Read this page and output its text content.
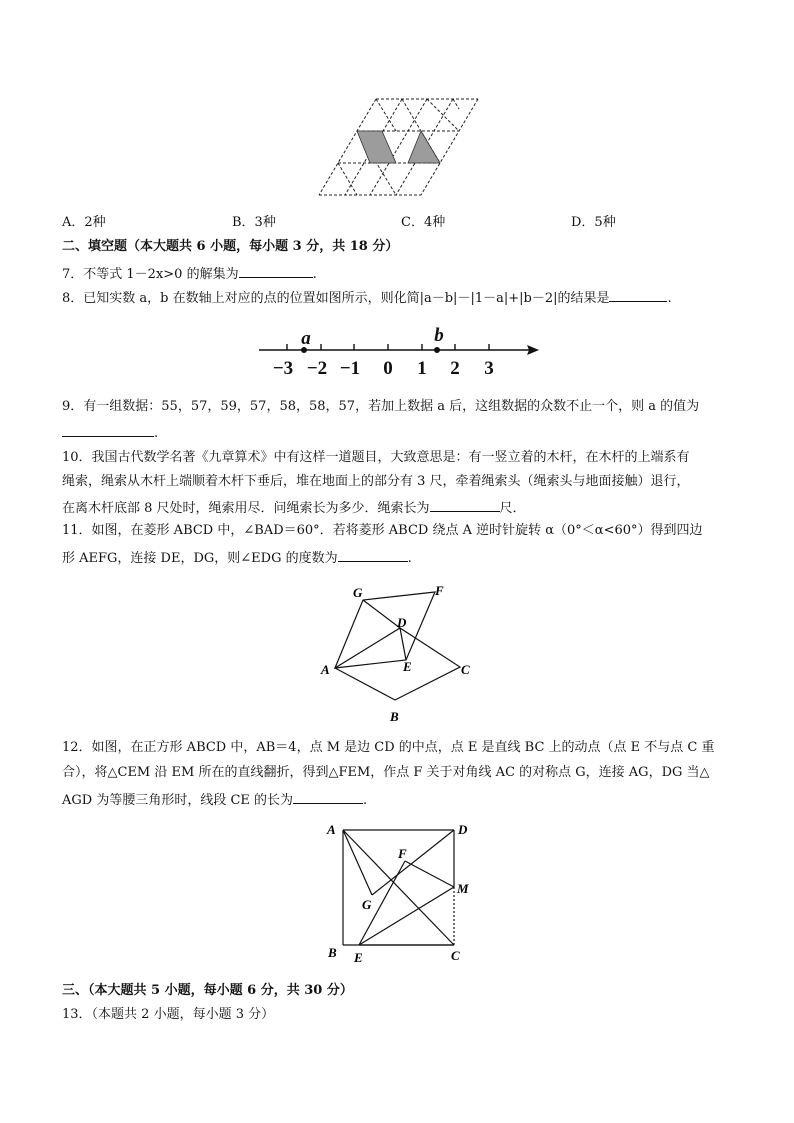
A．2种	B．3种	C．4种	D．5种
二、填空题（本大题共 6 小题，每小题 3 分，共 18 分）
7．不等式 1－2x>0 的解集为	.
8．已知实数 a，b 在数轴上对应的点的位置如图所示，则化简|a－b|－|1－a|+|b－2|的结果是	.
−3 −2 −1 0 1 2 3
a	b
9．有一组数据：55，57，59，57，58，58，57，若加上数据 a 后，这组数据的众数不止一个，则 a 的值为
.
10．我国古代数学名著《九章算术》中有这样一道题目，大致意思是：有一竖立着的木杆，在木杆的上端系有
绳索，绳索从木杆上端顺着木杆下垂后，堆在地面上的部分有 3 尺，牵着绳索头（绳索头与地面接触）退行，
在离木杆底部 8 尺处时，绳索用尽．问绳索长为多少．绳索长为	尺．
11．如图，在菱形 ABCD 中，∠BAD＝60°．若将菱形 ABCD 绕点 A 逆时针旋转 α（0°＜α<60°）得到四边
形 AEFG，连接 DE，DG，则∠EDG 的度数为	.
G	F
D
A	E	C
B
12．如图，在正方形 ABCD 中，AB＝4，点 M 是边 CD 的中点，点 E 是直线 BC 上的动点（点 E 不与点 C 重
合），将△CEM 沿 EM 所在的直线翻折，得到△FEM，作点 F 关于对角线 AC 的对称点 G，连接 AG，DG 当△
AGD 为等腰三角形时，线段 CE 的长为	.
A	D
F
M
G
B E	C
三、（本大题共 5 小题，每小题 6 分，共 30 分）
13．（本题共 2 小题，每小题 3 分）
